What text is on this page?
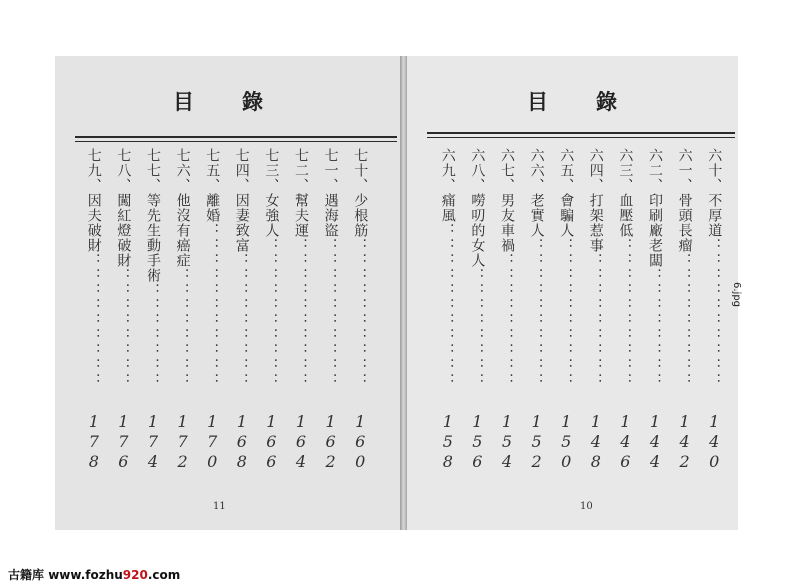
目　　錄
七十、少根筋：：：：：：：：：：
160
七一、遇海盜：：：：：：：：：：
162
七二、幫夫運：：：：：：：：：：
164
七三、女強人：：：：：：：：：：
166
七四、因妻致富：：：：：：：：：
168
七五、離婚：：：：：：：：：：：
170
七六、他沒有癌症：：：：：：：：
172
七七、等先生動手術：：：：：：：
174
七八、闖紅燈破財：：：：：：：：
176
七九、因夫破財：：：：：：：：：
178
11
目　　錄
六十、不厚道：：：：：：：：：：
140
六一、骨頭長瘤：：：：：：：：：
142
六二、印刷廠老闆：：：：：：：：
144
六三、血壓低：：：：：：：：：：
146
六四、打架惹事：：：：：：：：：
148
六五、會騙人：：：：：：：：：：
150
六六、老實人：：：：：：：：：：
152
六七、男友車禍：：：：：：：：：
154
六八、嘮叨的女人：：：：：：：：
156
六九、痛風：：：：：：：：：：：
158
10
6.jpg
古籍库 www.fozhu920.com
